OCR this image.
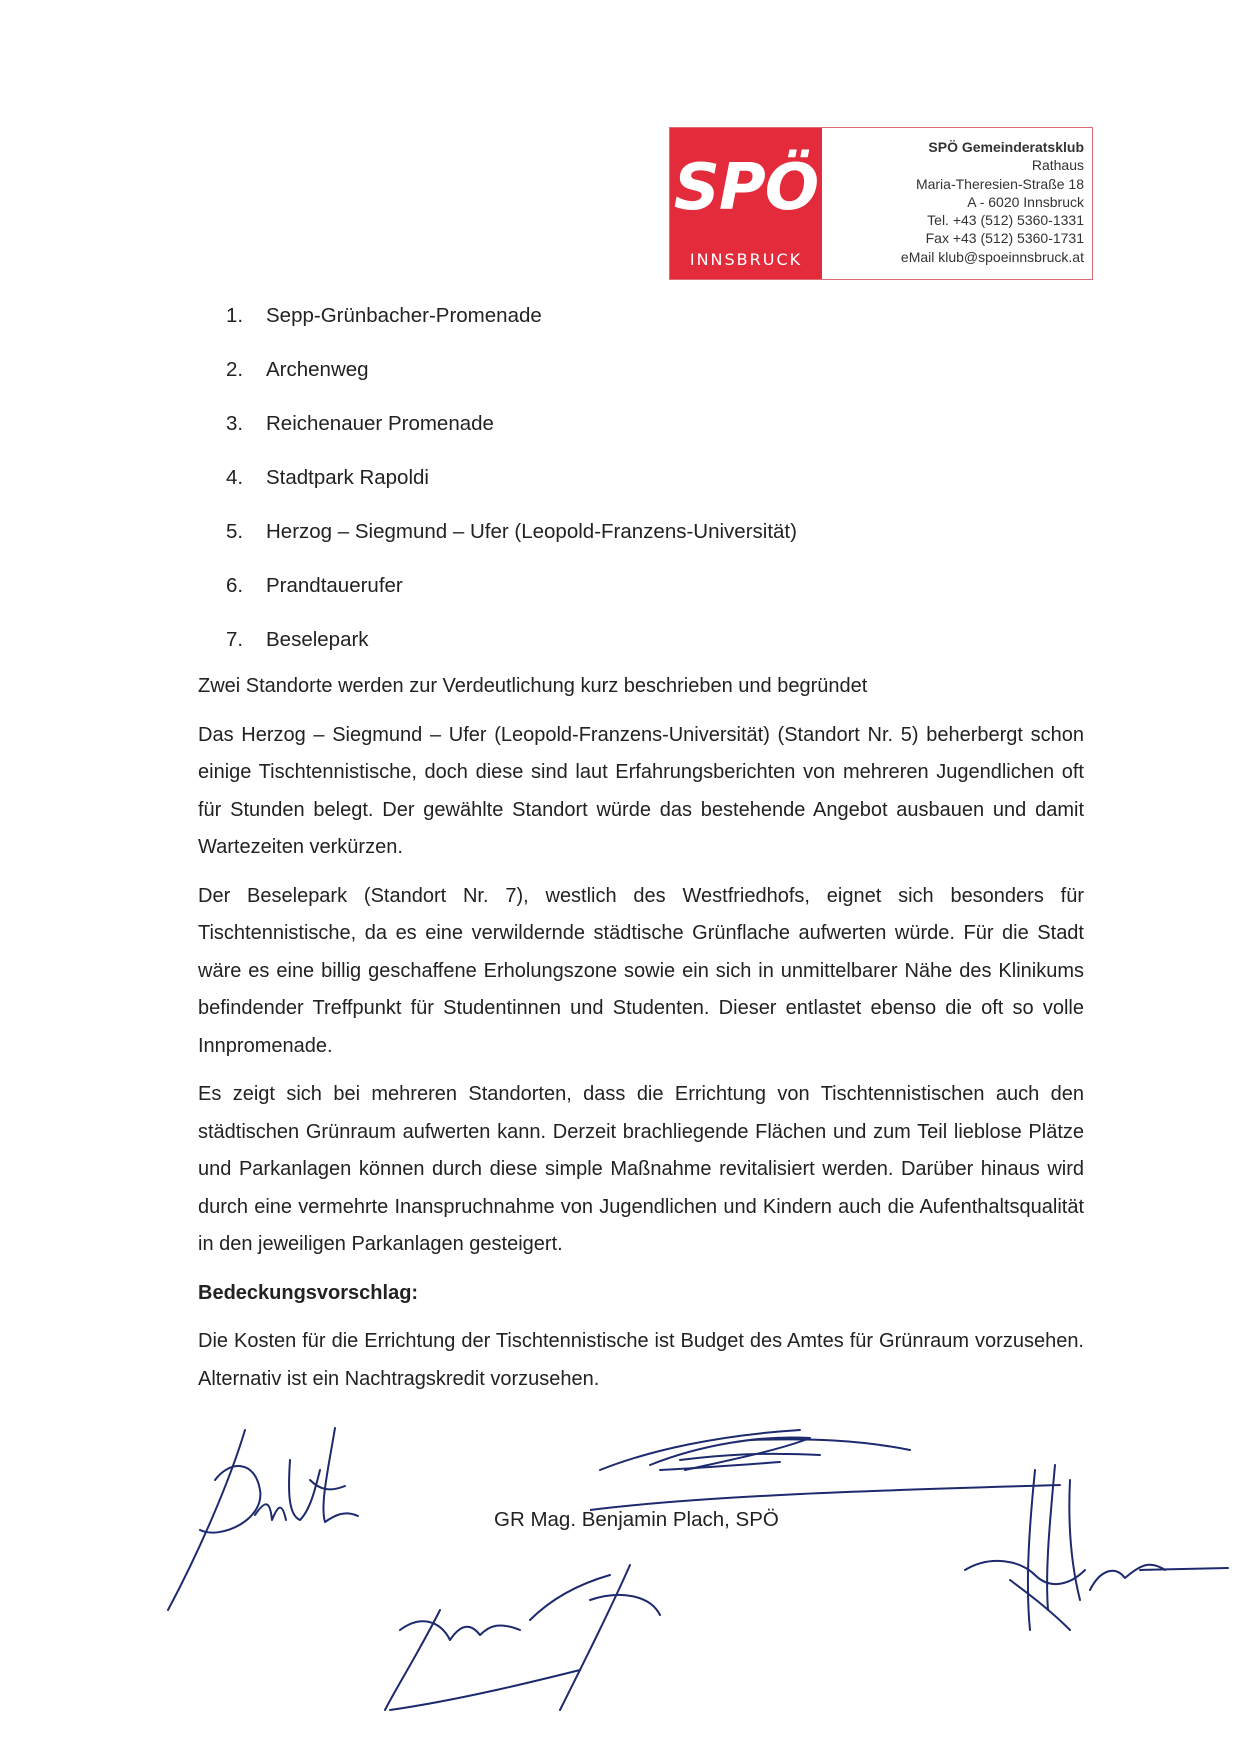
SPÖ
INNSBRUCK
SPÖ Gemeinderatsklub
Rathaus
Maria-Theresien-Straße 18
A - 6020 Innsbruck
Tel. +43 (512) 5360-1331
Fax +43 (512) 5360-1731
eMail klub@spoeinnsbruck.at
1. Sepp-Grünbacher-Promenade
2. Archenweg
3. Reichenauer Promenade
4. Stadtpark Rapoldi
5. Herzog – Siegmund – Ufer (Leopold-Franzens-Universität)
6. Prandtauerufer
7. Beselepark

Zwei Standorte werden zur Verdeutlichung kurz beschrieben und begründet

Das Herzog – Siegmund – Ufer (Leopold-Franzens-Universität) (Standort Nr. 5) beherbergt schon einige Tischtennistische, doch diese sind laut Erfahrungsberichten von mehreren Jugendlichen oft für Stunden belegt. Der gewählte Standort würde das bestehende Angebot ausbauen und damit Wartezeiten verkürzen.

Der Beselepark (Standort Nr. 7), westlich des Westfriedhofs, eignet sich besonders für Tischtennistische, da es eine verwildernde städtische Grünflache aufwerten würde. Für die Stadt wäre es eine billig geschaffene Erholungszone sowie ein sich in unmittelbarer Nähe des Klinikums befindender Treffpunkt für Studentinnen und Studenten. Dieser entlastet ebenso die oft so volle Innpromenade.

Es zeigt sich bei mehreren Standorten, dass die Errichtung von Tischtennistischen auch den städtischen Grünraum aufwerten kann. Derzeit brachliegende Flächen und zum Teil lieblose Plätze und Parkanlagen können durch diese simple Maßnahme revitalisiert werden. Darüber hinaus wird durch eine vermehrte Inanspruchnahme von Jugendlichen und Kindern auch die Aufenthaltsqualität in den jeweiligen Parkanlagen gesteigert.

Bedeckungsvorschlag:

Die Kosten für die Errichtung der Tischtennistische ist Budget des Amtes für Grünraum vorzusehen. Alternativ ist ein Nachtragskredit vorzusehen.

GR Mag. Benjamin Plach, SPÖ
